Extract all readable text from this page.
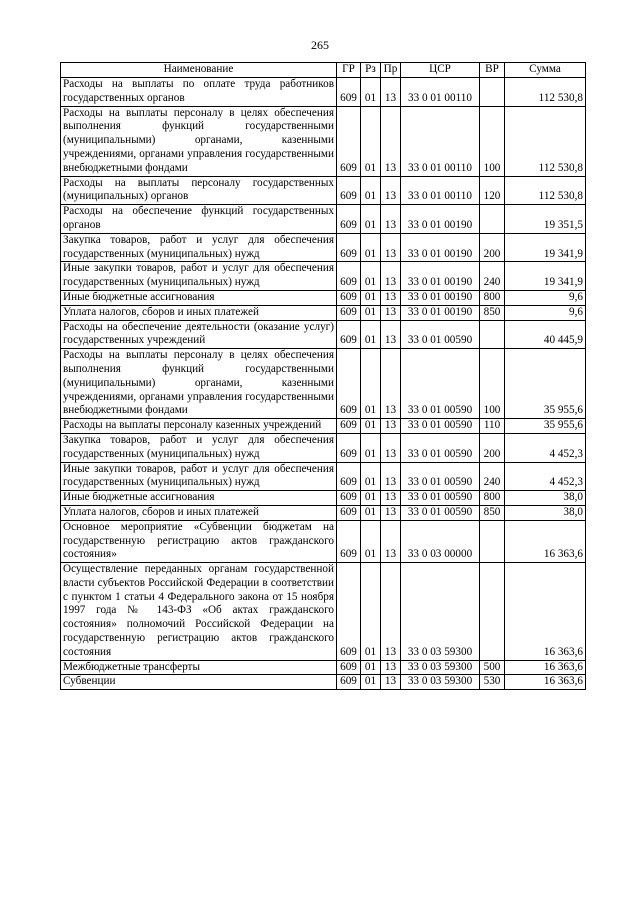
265
Наименование	ГР	Рз	Пр	ЦСР	ВР	Сумма
Расходы на выплаты по оплате труда работников государственных органов	609	01	13	33 0 01 00110		112 530,8
Расходы на выплаты персоналу в целях обеспечения выполнения функций государственными (муниципальными) органами, казенными учреждениями, органами управления государственными внебюджетными фондами	609	01	13	33 0 01 00110	100	112 530,8
Расходы на выплаты персоналу государственных (муниципальных) органов	609	01	13	33 0 01 00110	120	112 530,8
Расходы на обеспечение функций государственных органов	609	01	13	33 0 01 00190		19 351,5
Закупка товаров, работ и услуг для обеспечения государственных (муниципальных) нужд	609	01	13	33 0 01 00190	200	19 341,9
Иные закупки товаров, работ и услуг для обеспечения государственных (муниципальных) нужд	609	01	13	33 0 01 00190	240	19 341,9
Иные бюджетные ассигнования	609	01	13	33 0 01 00190	800	9,6
Уплата налогов, сборов и иных платежей	609	01	13	33 0 01 00190	850	9,6
Расходы на обеспечение деятельности (оказание услуг) государственных учреждений	609	01	13	33 0 01 00590		40 445,9
Расходы на выплаты персоналу в целях обеспечения выполнения функций государственными (муниципальными) органами, казенными учреждениями, органами управления государственными внебюджетными фондами	609	01	13	33 0 01 00590	100	35 955,6
Расходы на выплаты персоналу казенных учреждений	609	01	13	33 0 01 00590	110	35 955,6
Закупка товаров, работ и услуг для обеспечения государственных (муниципальных) нужд	609	01	13	33 0 01 00590	200	4 452,3
Иные закупки товаров, работ и услуг для обеспечения государственных (муниципальных) нужд	609	01	13	33 0 01 00590	240	4 452,3
Иные бюджетные ассигнования	609	01	13	33 0 01 00590	800	38,0
Уплата налогов, сборов и иных платежей	609	01	13	33 0 01 00590	850	38,0
Основное мероприятие «Субвенции бюджетам на государственную регистрацию актов гражданского состояния»	609	01	13	33 0 03 00000		16 363,6
Осуществление переданных органам государственной власти субъектов Российской Федерации в соответствии с пунктом 1 статьи 4 Федерального закона от 15 ноября 1997 года № 143-ФЗ «Об актах гражданского состояния» полномочий Российской Федерации на государственную регистрацию актов гражданского состояния	609	01	13	33 0 03 59300		16 363,6
Межбюджетные трансферты	609	01	13	33 0 03 59300	500	16 363,6
Субвенции	609	01	13	33 0 03 59300	530	16 363,6
